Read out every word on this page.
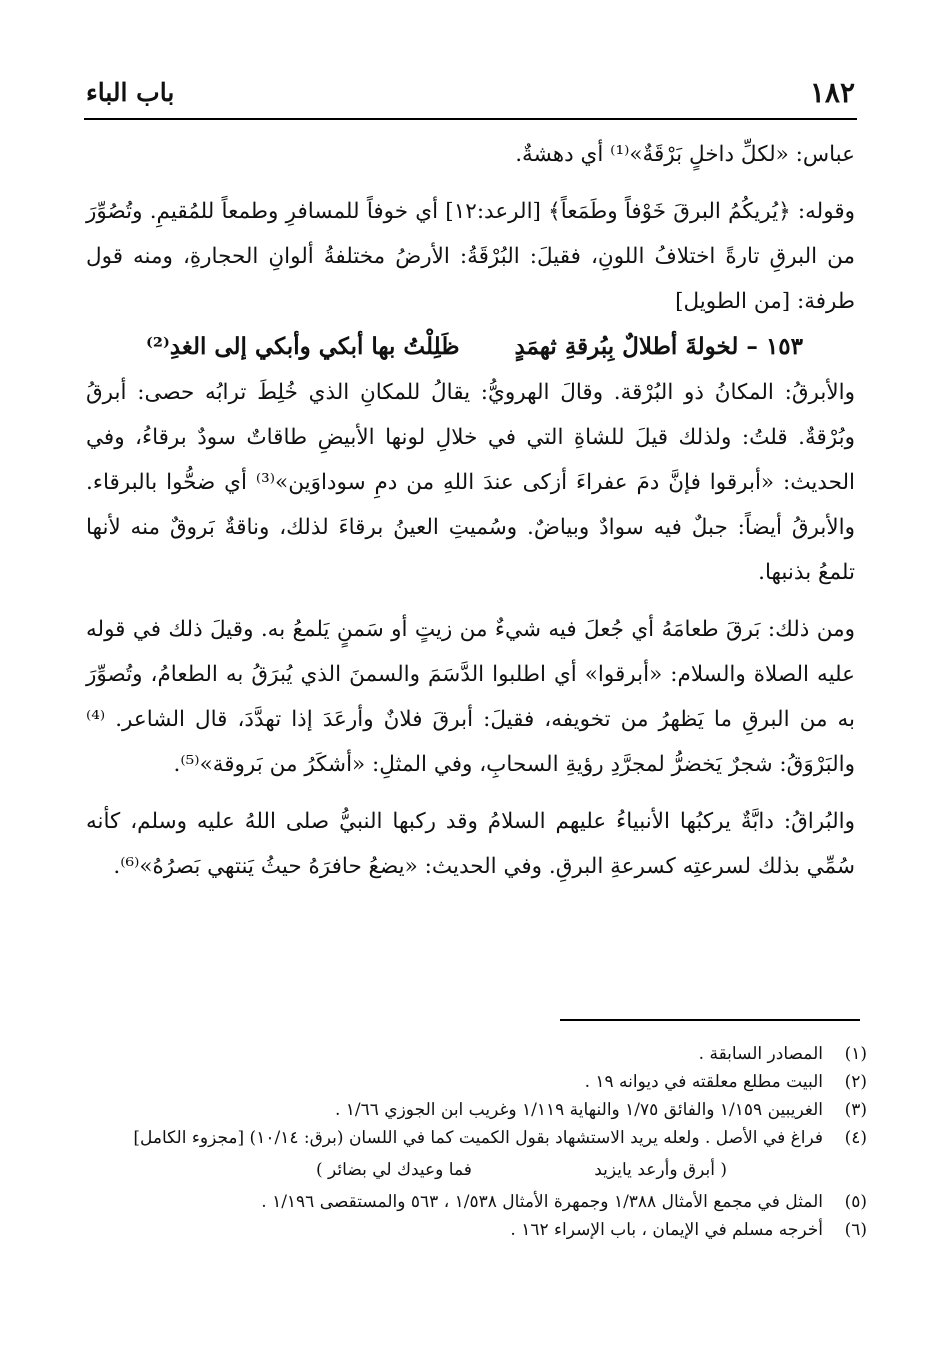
١٨٢
باب الباء

عباس: «لكلِّ داخلٍ بَرْقَةٌ»⁽¹⁾ أي دهشةٌ.

وقوله: ﴿يُريكُمُ البرقَ خَوْفاً وطَمَعاً﴾ [الرعد:١٢] أي خوفاً للمسافرِ وطمعاً للمُقيمِ. وتُصُوِّرَ من البرقِ تارةً اختلافُ اللونِ، فقيلَ: البُرْقَةُ: الأرضُ مختلفةُ ألوانِ الحجارةِ، ومنه قول طرفة: [من الطويل]

١٥٣ – لخولةَ أطلالٌ بِبُرقةِ ثهمَدٍ
ظَلِلْتُ بها أبكي وأبكي إلى الغدِ⁽²⁾

والأبرقُ: المكانُ ذو البُرْقة. وقالَ الهرويُّ: يقالُ للمكانِ الذي خُلِطَ ترابُه حصى: أبرقُ وبُرْقةٌ. قلتُ: ولذلك قيلَ للشاةِ التي في خلالِ لونها الأبيضِ طاقاتٌ سودٌ برقاءُ، وفي الحديث: «أبرقوا فإنَّ دمَ عفراءَ أزكى عندَ اللهِ من دمِ سوداوَين»⁽³⁾ أي ضحُّوا بالبرقاء. والأبرقُ أيضاً: جبلٌ فيه سوادٌ وبياضٌ. وسُميتِ العينُ برقاءَ لذلك، وناقةٌ بَروقٌ منه لأنها تلمعُ بذنبها.

ومن ذلك: بَرقَ طعامَهُ أي جُعلَ فيه شيءٌ من زيتٍ أو سَمنٍ يَلمعُ به. وقيلَ ذلك في قوله عليه الصلاة والسلام: «أبرقوا» أي اطلبوا الدَّسَمَ والسمنَ الذي يُبرَقُ به الطعامُ، وتُصوِّرَ به من البرقِ ما يَظهرُ من تخويفه، فقيلَ: أبرقَ فلانٌ وأرعَدَ إذا تهدَّدَ، قال الشاعر. ⁽⁴⁾ والبَرْوَقُ: شجرٌ يَخضرُّ لمجرَّدِ رؤيةِ السحابِ، وفي المثلِ: «أشكَرُ من بَروقة»⁽⁵⁾.

والبُراقُ: دابَّةٌ يركبُها الأنبياءُ عليهم السلامُ وقد ركبها النبيُّ صلى اللهُ عليه وسلم، كأنه سُمِّي بذلك لسرعتِه كسرعةِ البرقِ. وفي الحديث: «يضعُ حافرَهُ حيثُ يَنتهي بَصرُهُ»⁽⁶⁾.

(١)
المصادر السابقة .
(٢)
البيت مطلع معلقته في ديوانه ١٩ .
(٣)
الغريبين ١/١٥٩ والفائق ١/٧٥ والنهاية ١/١١٩ وغريب ابن الجوزي ١/٦٦ .
(٤)
فراغ في الأصل . ولعله يريد الاستشهاد بقول الكميت كما في اللسان (برق: ١٠/١٤) [مجزوء الكامل]
( أبرق وأرعد يايزيد
فما وعيدك لي بضائر )
(٥)
المثل في مجمع الأمثال ١/٣٨٨ وجمهرة الأمثال ١/٥٣٨ ، ٥٦٣ والمستقصى ١/١٩٦ .
(٦)
أخرجه مسلم في الإيمان ، باب الإسراء ١٦٢ .
